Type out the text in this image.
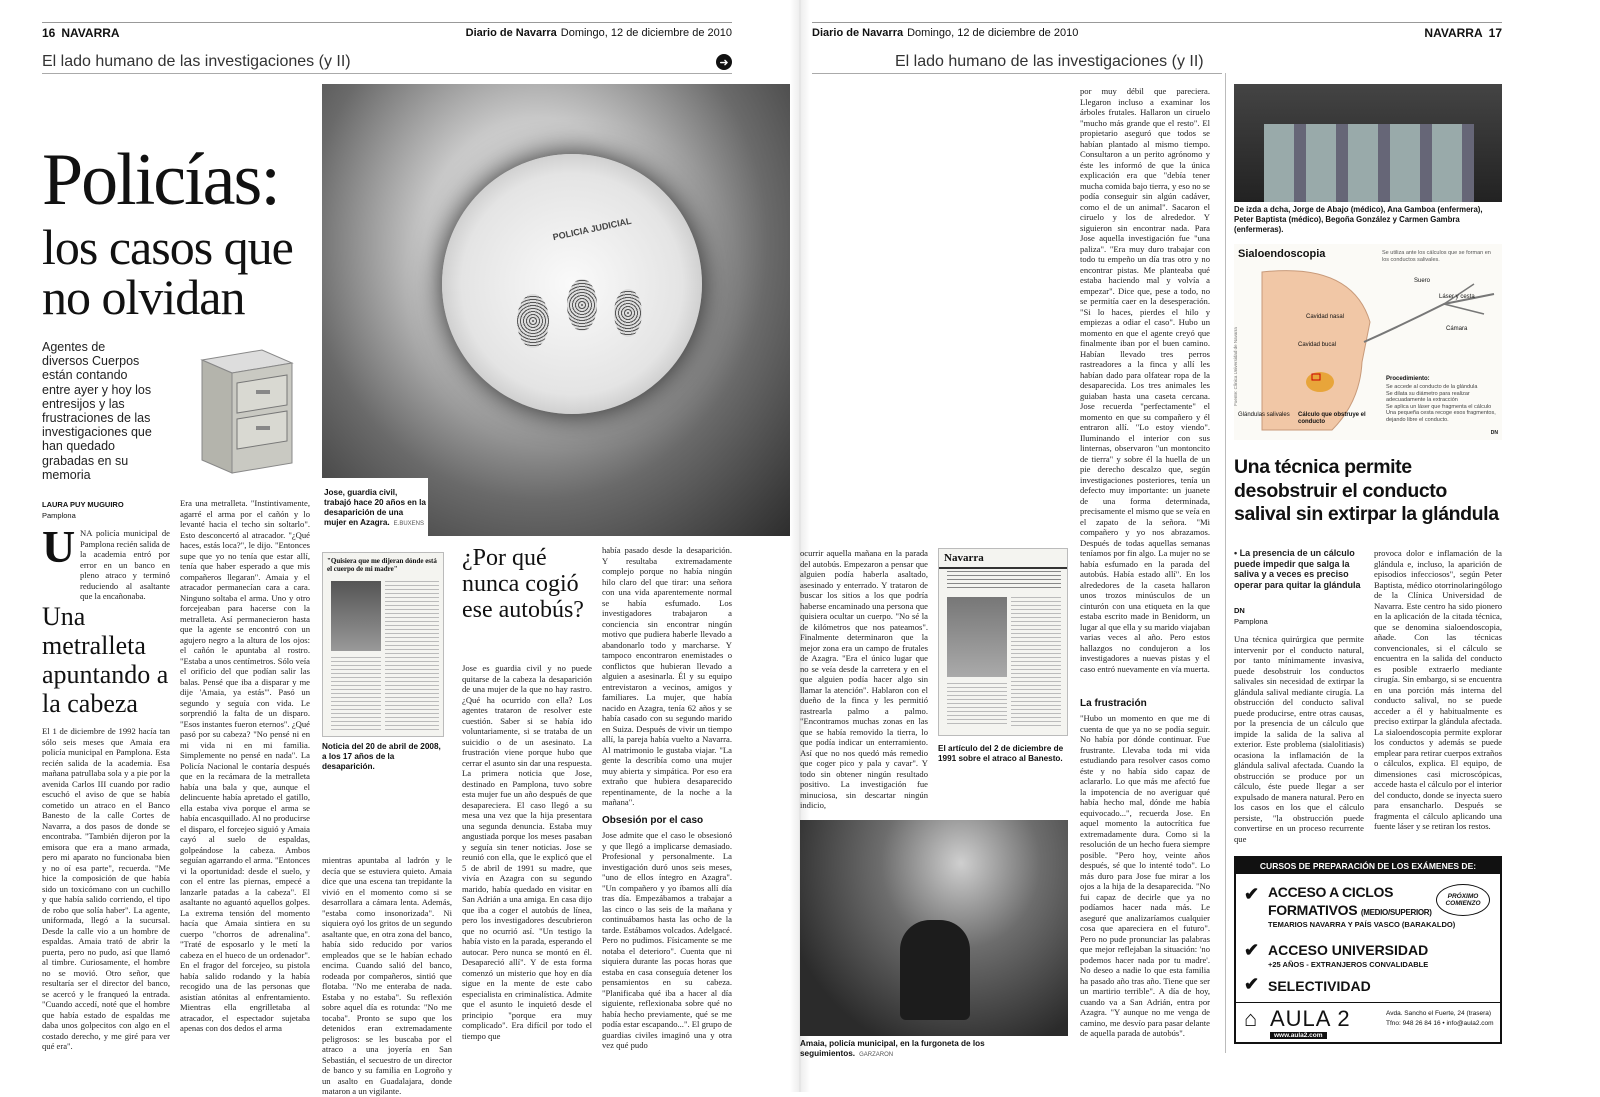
16 NAVARRA	Diario de Navarra Domingo, 12 de diciembre de 2010
El lado humano de las investigaciones (y II)	➜
Policías:
los casos que no olvidan
Agentes de diversos Cuerpos están contando entre ayer y hoy los entresijos y las frustraciones de las investigaciones que han quedado grabadas en su memoria
LAURA PUY MUGUIRO
Pamplona
U NA policía municipal de Pamplona recién salida de la academia entró por error en un banco en pleno atraco y terminó reduciendo al asaltante que la encañonaba.
Una metralleta apuntando a la cabeza
El 1 de diciembre de 1992 hacía tan sólo seis meses que Amaia era policía municipal en Pamplona. Esta recién salida de la academia. Esa mañana patrullaba sola y a pie por la avenida Carlos III cuando por radio escuchó el aviso de que se había cometido un atraco en el Banco Banesto de la calle Cortes de Navarra, a dos pasos de donde se encontraba. "También dijeron por la emisora que era a mano armada, pero mi aparato no funcionaba bien y no oí esa parte", recuerda. "Me hice la composición de que había sido un toxicómano con un cuchillo y que había salido corriendo, el tipo de robo que solía haber". La agente, uniformada, llegó a la sucursal. Desde la calle vio a un hombre de espaldas. Amaia trató de abrir la puerta, pero no pudo, así que llamó al timbre. Curiosamente, el hombre no se movió. Otro señor, que resultaría ser el director del banco, se acercó y le franqueó la entrada. "Cuando accedí, noté que el hombre que había estado de espaldas me daba unos golpecitos con algo en el costado derecho, y me giré para ver qué era".
Era una metralleta. "Instintivamente, agarré el arma por el cañón y lo levanté hacia el techo sin soltarlo". Esto desconcertó al atracador. "¿Qué haces, estás loca?", le dijo. "Entonces supe que yo no tenía que estar allí, tenía que haber esperado a que mis compañeros llegaran". Amaia y el atracador permanecían cara a cara. Ninguno soltaba el arma. Uno y otro forcejeaban para hacerse con la metralleta. Así permanecieron hasta que la agente se encontró con un agujero negro a la altura de los ojos: el cañón le apuntaba al rostro. "Estaba a unos centímetros. Sólo veía el orificio del que podían salir las balas. Pensé que iba a disparar y me dije 'Amaia, ya estás'". Pasó un segundo y seguía con vida. Le sorprendió la falta de un disparo. "Esos instantes fueron eternos". ¿Qué pasó por su cabeza? "No pensé ni en mi vida ni en mi familia. Simplemente no pensé en nada". La Policía Nacional le contaría después que en la recámara de la metralleta había una bala y que, aunque el delincuente había apretado el gatillo, ella estaba viva porque el arma se había encasquillado. Al no producirse el disparo, el forcejeo siguió y Amaia cayó al suelo de espaldas, golpeándose la cabeza. Ambos seguían agarrando el arma. "Entonces vi la oportunidad: desde el suelo, y con el entre las piernas, empecé a lanzarle patadas a la cabeza". El asaltante no aguantó aquellos golpes. La extrema tensión del momento hacía que Amaia sintiera en su cuerpo "chorros de adrenalina". "Traté de esposarlo y le metí la cabeza en el hueco de un ordenador". En el fragor del forcejeo, su pistola había salido rodando y la había recogido una de las personas que asistían atónitas al enfrentamiento. Mientras ella engrilletaba al atracador, el espectador sujetaba apenas con dos dedos el arma
mientras apuntaba al ladrón y le decía que se estuviera quieto. Amaia dice que una escena tan trepidante la vivió en el momento como si se desarrollara a cámara lenta. Además, "estaba como insonorizada". Ni siquiera oyó los gritos de un segundo asaltante que, en otra zona del banco, había sido reducido por varios empleados que se le habían echado encima. Cuando salió del banco, rodeada por compañeros, sintió que flotaba. "No me enteraba de nada. Estaba y no estaba". Su reflexión sobre aquel día es rotunda: "No me tocaba". Pronto se supo que los detenidos eran extremadamente peligrosos: se les buscaba por el atraco a una joyería en San Sebastián, el secuestro de un director de banco y su familia en Logroño y un asalto en Guadalajara, donde mataron a un vigilante.
POLICIA JUDICIAL
Jose, guardia civil, trabajó hace 20 años en la desaparición de una mujer en Azagra. E.BUXENS
"Quisiera que me dijeran dónde está el cuerpo de mi madre"
Noticia del 20 de abril de 2008, a los 17 años de la desaparición.
¿Por qué nunca cogió ese autobús?
Jose es guardia civil y no puede quitarse de la cabeza la desaparición de una mujer de la que no hay rastro. ¿Qué ha ocurrido con ella? Los agentes trataron de resolver este cuestión. Saber si se había ido voluntariamente, si se trataba de un suicidio o de un asesinato. La frustración viene porque hubo que cerrar el asunto sin dar una respuesta. La primera noticia que Jose, destinado en Pamplona, tuvo sobre esta mujer fue un año después de que desapareciera. El caso llegó a su mesa una vez que la hija presentara una segunda denuncia. Estaba muy angustiada porque los meses pasaban y seguía sin tener noticias. Jose se reunió con ella, que le explicó que el 5 de abril de 1991 su madre, que vivía en Azagra con su segundo marido, había quedado en visitar en San Adrián a una amiga. En casa dijo que iba a coger el autobús de línea, pero los investigadores descubrieron que no ocurrió así. "Un testigo la había visto en la parada, esperando el autocar. Pero nunca se montó en él. Desapareció allí". Y de esta forma comenzó un misterio que hoy en día sigue en la mente de este cabo especialista en criminalística. Admite que el asunto le inquietó desde el principio "porque era muy complicado". Era difícil por todo el tiempo que
había pasado desde la desaparición. Y resultaba extremadamente complejo porque no había ningún hilo claro del que tirar: una señora con una vida aparentemente normal se había esfumado. Los investigadores trabajaron a conciencia sin encontrar ningún motivo que pudiera haberle llevado a abandonarlo todo y marcharse. Y tampoco encontraron enemistades o conflictos que hubieran llevado a alguien a asesinarla. Él y su equipo entrevistaron a vecinos, amigos y familiares. La mujer, que había nacido en Azagra, tenía 62 años y se había casado con su segundo marido en Suiza. Después de vivir un tiempo allí, la pareja había vuelto a Navarra. Al matrimonio le gustaba viajar. "La gente la describía como una mujer muy abierta y simpática. Por eso era extraño que hubiera desaparecido repentinamente, de la noche a la mañana".
Obsesión por el caso
Jose admite que el caso le obsesionó y que llegó a implicarse demasiado. Profesional y personalmente. La investigación duró unos seis meses, "uno de ellos íntegro en Azagra". "Un compañero y yo íbamos allí día tras día. Empezábamos a trabajar a las cinco o las seis de la mañana y continuábamos hasta las ocho de la tarde. Estábamos volcados. Adelgacé. Pero no pudimos. Físicamente se me notaba el deterioro". Cuenta que ni siquiera durante las pocas horas que estaba en casa conseguía detener los pensamientos en su cabeza. "Planificaba qué iba a hacer al día siguiente, reflexionaba sobre qué no había hecho previamente, qué se me podía estar escapando...". El grupo de guardias civiles imaginó una y otra vez qué pudo
Diario de Navarra Domingo, 12 de diciembre de 2010	NAVARRA 17
El lado humano de las investigaciones (y II)
por muy débil que pareciera. Llegaron incluso a examinar los árboles frutales. Hallaron un ciruelo "mucho más grande que el resto". El propietario aseguró que todos se habían plantado al mismo tiempo. Consultaron a un perito agrónomo y éste les informó de que la única explicación era que "debía tener mucha comida bajo tierra, y eso no se podía conseguir sin algún cadáver, como el de un animal". Sacaron el ciruelo y los de alrededor. Y siguieron sin encontrar nada. Para Jose aquella investigación fue "una paliza". "Era muy duro trabajar con todo tu empeño un día tras otro y no encontrar pistas. Me planteaba qué estaba haciendo mal y volvía a empezar". Dice que, pese a todo, no se permitía caer en la desesperación. "Si lo haces, pierdes el hilo y empiezas a odiar el caso". Hubo un momento en que el agente creyó que finalmente iban por el buen camino. Habían llevado tres perros rastreadores a la finca y allí les habían dado para olfatear ropa de la desaparecida. Los tres animales les guiaban hasta una caseta cercana. Jose recuerda "perfectamente" el momento en que su compañero y él entraron allí. "Lo estoy viendo". Iluminando el interior con sus linternas, observaron "un montoncito de tierra" y sobre él la huella de un pie derecho descalzo que, según investigaciones posteriores, tenía un defecto muy importante: un juanete de una forma determinada, precisamente el mismo que se veía en el zapato de la señora. "Mi compañero y yo nos abrazamos. Después de todas aquellas semanas teníamos por fin algo. La mujer no se había esfumado en la parada del autobús. Había estado allí". En los alrededores de la caseta hallaron unos trozos minúsculos de un cinturón con una etiqueta en la que estaba escrito made in Benidorm, un lugar al que ella y su marido viajaban varias veces al año. Pero estos hallazgos no condujeron a los investigadores a nuevas pistas y el caso entró nuevamente en vía muerta.
La frustración
"Hubo un momento en que me di cuenta de que ya no se podía seguir. No había por dónde continuar. Fue frustrante. Llevaba toda mi vida estudiando para resolver casos como éste y no había sido capaz de aclararlo. Lo que más me afectó fue la impotencia de no averiguar qué había hecho mal, dónde me había equivocado...", recuerda Jose. En aquel momento la autocrítica fue extremadamente dura. Como si la resolución de un hecho fuera siempre posible. "Pero hoy, veinte años después, sé que lo intenté todo". Lo más duro para Jose fue mirar a los ojos a la hija de la desaparecida. "No fui capaz de decirle que ya no podíamos hacer nada más. Le aseguré que analizaríamos cualquier cosa que apareciera en el futuro". Pero no pude pronunciar las palabras que mejor reflejaban la situación: 'no podemos hacer nada por tu madre'. No deseo a nadie lo que esta familia ha pasado año tras año. Tiene que ser un martirio terrible". A día de hoy, cuando va a San Adrián, entra por Azagra. "Y aunque no me venga de camino, me desvío para pasar delante de aquella parada de autobús".
ocurrir aquella mañana en la parada del autobús. Empezaron a pensar que alguien podía haberla asaltado, asesinado y enterrado. Y trataron de buscar los sitios a los que podría haberse encaminado una persona que quisiera ocultar un cuerpo. "No sé la de kilómetros que nos pateamos". Finalmente determinaron que la mejor zona era un campo de frutales de Azagra. "Era el único lugar que no se veía desde la carretera y en el que alguien podía hacer algo sin llamar la atención". Hablaron con el dueño de la finca y les permitió rastrearla palmo a palmo. "Encontramos muchas zonas en las que se había removido la tierra, lo que podía indicar un enterramiento. Así que no nos quedó más remedio que coger pico y pala y cavar". Y todo sin obtener ningún resultado positivo. La investigación fue minuciosa, sin descartar ningún indicio,
Navarra
El artículo del 2 de diciembre de 1991 sobre el atraco al Banesto.
Amaia, policía municipal, en la furgoneta de los seguimientos. GARZARON
De izda a dcha, Jorge de Abajo (médico), Ana Gamboa (enfermera), Peter Baptista (médico), Begoña González y Carmen Gambra (enfermeras).
Sialoendoscopia	Se utiliza ante los cálculos que se forman en los conductos salivales.
Suero
Láser y cesta
Cámara
Cavidad nasal
Cavidad bucal
Glándulas salivales Cálculo que obstruye el conducto
Procedimiento:
Se accede al conducto de la glándula
Se dilata su diámetro para realizar adecuadamente la extracción
Se aplica un láser que fragmenta el cálculo
Una pequeña cesta recoge esos fragmentos, dejando libre el conducto.
Fuente: Clínica Universidad de Navarra
DN
Una técnica permite desobstruir el conducto salival sin extirpar la glándula
• La presencia de un cálculo puede impedir que salga la saliva y a veces es preciso operar para quitar la glándula
DN
Pamplona
Una técnica quirúrgica que permite intervenir por el conducto natural, por tanto mínimamente invasiva, puede desobstruir los conductos salivales sin necesidad de extirpar la glándula salival mediante cirugía. La obstrucción del conducto salival puede producirse, entre otras causas, por la presencia de un cálculo que impide la salida de la saliva al exterior. Este problema (sialolitiasis) ocasiona la inflamación de la glándula salival afectada. Cuando la obstrucción se produce por un cálculo, éste puede llegar a ser expulsado de manera natural. Pero en los casos en los que el cálculo persiste, "la obstrucción puede convertirse en un proceso recurrente que
provoca dolor e inflamación de la glándula e, incluso, la aparición de episodios infecciosos", según Peter Baptista, médico otorrinolaringólogo de la Clínica Universidad de Navarra. Este centro ha sido pionero en la aplicación de la citada técnica, que se denomina sialoendoscopia, añade. Con las técnicas convencionales, si el cálculo se encuentra en la salida del conducto es posible extraerlo mediante cirugía. Sin embargo, si se encuentra en una porción más interna del conducto salival, no se puede acceder a él y habitualmente es preciso extirpar la glándula afectada. La sialoendoscopia permite explorar los conductos y además se puede emplear para retirar cuerpos extraños o cálculos, explica. El equipo, de dimensiones casi microscópicas, accede hasta el cálculo por el interior del conducto, donde se inyecta suero para ensancharlo. Después se fragmenta el cálculo aplicando una fuente láser y se retiran los restos.
CURSOS DE PREPARACIÓN DE LOS EXÁMENES DE:
✔ ACCESO A CICLOS
FORMATIVOS (MEDIO/SUPERIOR)
TEMARIOS NAVARRA Y PAÍS VASCO (BARAKALDO)
PRÓXIMO COMIENZO
✔ ACCESO UNIVERSIDAD
+25 AÑOS - EXTRANJEROS CONVALIDABLE
✔ SELECTIVIDAD
⌂ AULA 2	Avda. Sancho el Fuerte, 24 (trasera)
Tfno: 948 26 84 16 • info@aula2.com
www.aula2.com
